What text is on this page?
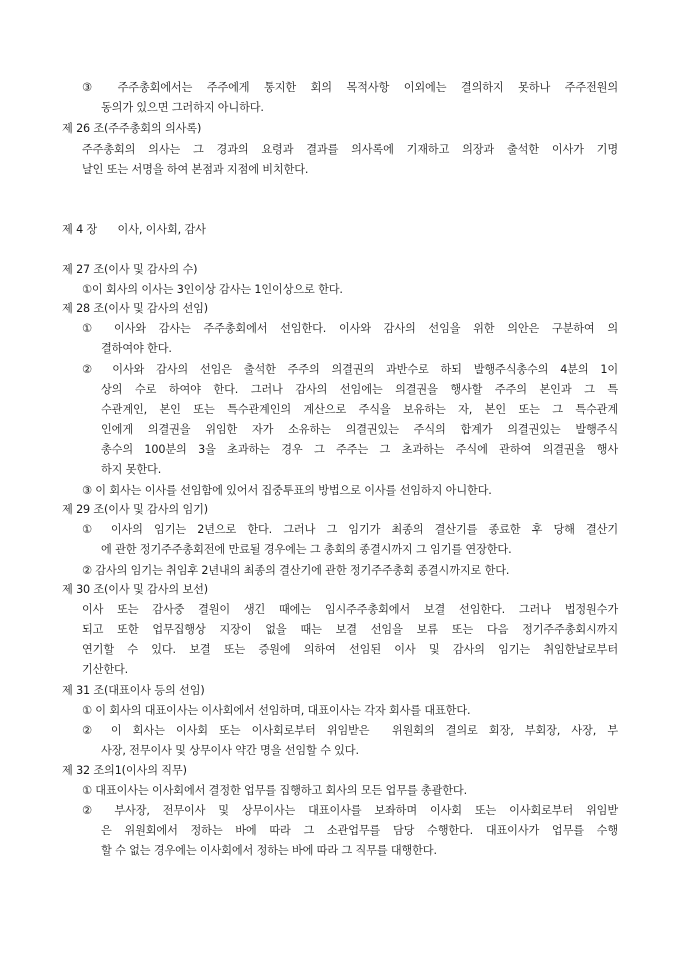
③ 주주총회에서는 주주에게 통지한 회의 목적사항 이외에는 결의하지 못하나 주주전원의
동의가 있으면 그러하지 아니하다.
제 26 조(주주총회의 의사록)
주주총회의 의사는 그 경과의 요령과 결과를 의사록에 기재하고 의장과 출석한 이사가 기명
날인 또는 서명을 하여 본점과 지점에 비치한다.
제 4 장      이사, 이사회, 감사
제 27 조(이사 및 감사의 수)
①이 회사의 이사는 3인이상 감사는 1인이상으로 한다.
제 28 조(이사 및 감사의 선임)
① 이사와 감사는 주주총회에서 선임한다. 이사와 감사의 선임을 위한 의안은 구분하여 의
결하여야 한다.
② 이사와 감사의 선임은 출석한 주주의 의결권의 과반수로 하되 발행주식총수의 4분의 1이
상의 수로 하여야 한다. 그러나 감사의 선임에는 의결권을 행사할 주주의 본인과 그 특
수관계인, 본인 또는 특수관계인의 계산으로 주식을 보유하는 자, 본인 또는 그 특수관계
인에게 의결권을 위임한 자가 소유하는 의결권있는 주식의 합계가 의결권있는 발행주식
총수의 100분의 3을 초과하는 경우 그 주주는 그 초과하는 주식에 관하여 의결권을 행사
하지 못한다.
③ 이 회사는 이사를 선임함에 있어서 집중투표의 방법으로 이사를 선임하지 아니한다.
제 29 조(이사 및 감사의 임기)
① 이사의 임기는 2년으로 한다. 그러나 그 임기가 최종의 결산기를 종료한 후 당해 결산기
에 관한 정기주주총회전에 만료될 경우에는 그 총회의 종결시까지 그 임기를 연장한다.
② 감사의 임기는 취임후 2년내의 최종의 결산기에 관한 정기주주총회 종결시까지로 한다.
제 30 조(이사 및 감사의 보선)
이사 또는 감사중 결원이 생긴 때에는 임시주주총회에서 보결 선임한다. 그러나 법정원수가
되고 또한 업무집행상 지장이 없을 때는 보결 선임을 보류 또는 다음 정기주주총회시까지
연기할 수 있다. 보결 또는 증원에 의하여 선임된 이사 및 감사의 임기는 취임한날로부터
기산한다.
제 31 조(대표이사 등의 선임)
① 이 회사의 대표이사는 이사회에서 선임하며, 대표이사는 각자 회사를 대표한다.
② 이 회사는 이사회 또는 이사회로부터 위임받은  위원회의 결의로 회장, 부회장, 사장, 부
사장, 전무이사 및 상무이사 약간 명을 선임할 수 있다.
제 32 조의1(이사의 직무)
① 대표이사는 이사회에서 결정한 업무를 집행하고 회사의 모든 업무를 총괄한다.
② 부사장, 전무이사 및 상무이사는 대표이사를 보좌하며 이사회 또는 이사회로부터 위임받
은 위원회에서 정하는 바에 따라 그 소관업무를 담당 수행한다. 대표이사가 업무를 수행
할 수 없는 경우에는 이사회에서 정하는 바에 따라 그 직무를 대행한다.
